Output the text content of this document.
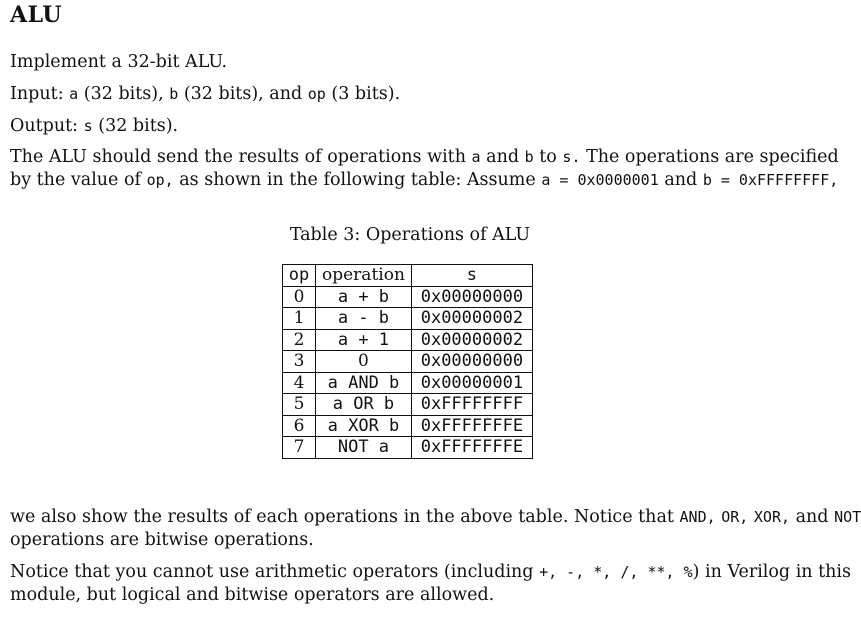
ALU

Implement a 32-bit ALU.

Input: a (32 bits), b (32 bits), and op (3 bits).

Output: s (32 bits).

The ALU should send the results of operations with a and b to s. The operations are specified
by the value of op, as shown in the following table: Assume a = 0x0000001 and b = 0xFFFFFFFF,

Table 3: Operations of ALU
op	operation	s
0	a + b	0x00000000
1	a - b	0x00000002
2	a + 1	0x00000002
3	0	0x00000000
4	a AND b	0x00000001
5	a OR b	0xFFFFFFFF
6	a XOR b	0xFFFFFFFE
7	NOT a	0xFFFFFFFE

we also show the results of each operations in the above table. Notice that AND, OR, XOR, and NOT
operations are bitwise operations.

Notice that you cannot use arithmetic operators (including +, -, *, /, **, %) in Verilog in this
module, but logical and bitwise operators are allowed.
